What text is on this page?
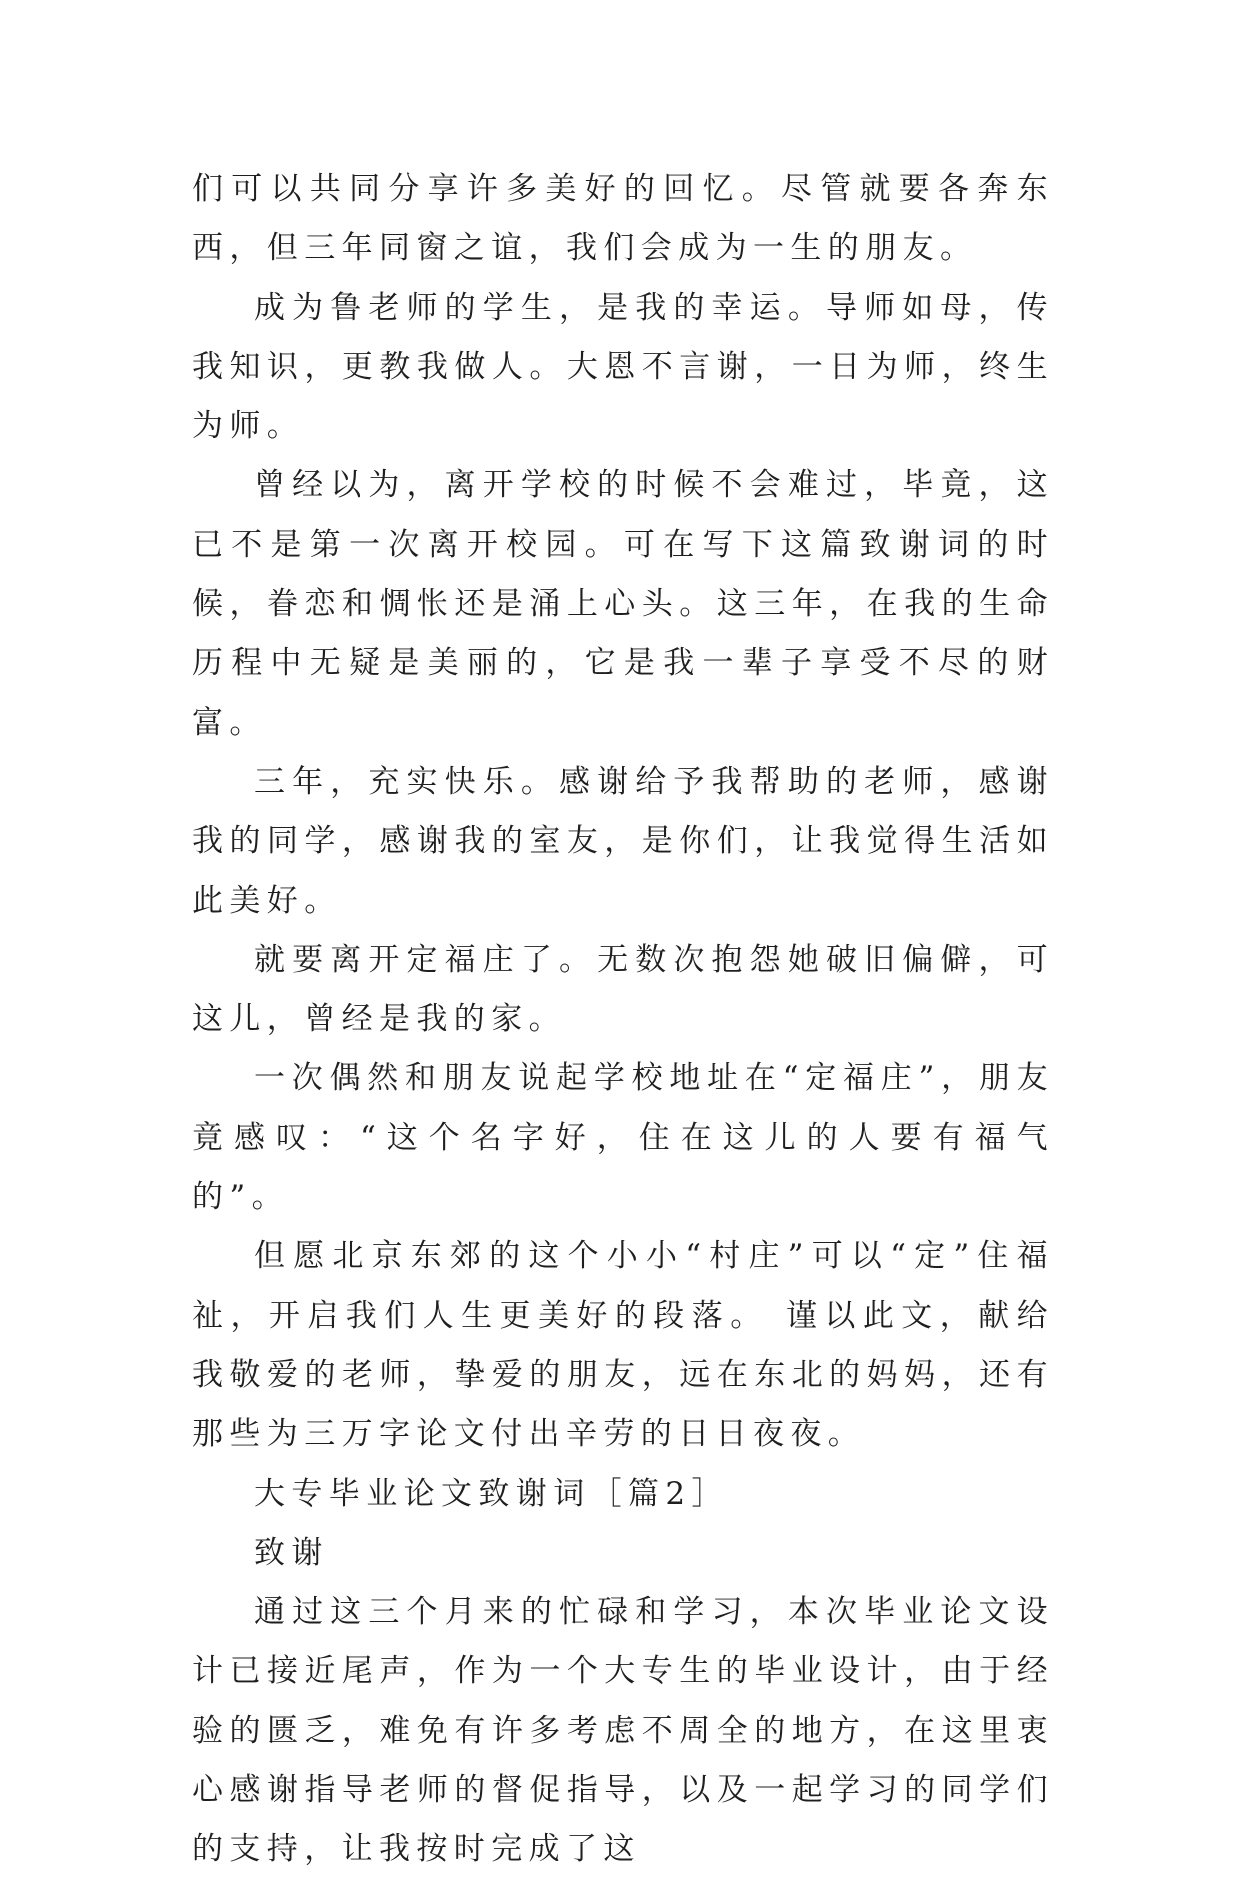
们可以共同分享许多美好的回忆。尽管就要各奔东西，但三年同窗之谊，我们会成为一生的朋友。

成为鲁老师的学生，是我的幸运。导师如母，传我知识，更教我做人。大恩不言谢，一日为师，终生为师。

曾经以为，离开学校的时候不会难过，毕竟，这已不是第一次离开校园。可在写下这篇致谢词的时候，眷恋和惆怅还是涌上心头。这三年，在我的生命历程中无疑是美丽的，它是我一辈子享受不尽的财富。

三年，充实快乐。感谢给予我帮助的老师，感谢我的同学，感谢我的室友，是你们，让我觉得生活如此美好。

就要离开定福庄了。无数次抱怨她破旧偏僻，可这儿，曾经是我的家。

一次偶然和朋友说起学校地址在“定福庄”，朋友竟感叹：“这个名字好，住在这儿的人要有福气的”。

但愿北京东郊的这个小小“村庄”可以“定”住福祉，开启我们人生更美好的段落。 谨以此文，献给我敬爱的老师，挚爱的朋友，远在东北的妈妈，还有那些为三万字论文付出辛劳的日日夜夜。

大专毕业论文致谢词［篇2］

致谢

通过这三个月来的忙碌和学习，本次毕业论文设计已接近尾声，作为一个大专生的毕业设计，由于经验的匮乏，难免有许多考虑不周全的地方，在这里衷心感谢指导老师的督促指导，以及一起学习的同学们的支持，让我按时完成了这
